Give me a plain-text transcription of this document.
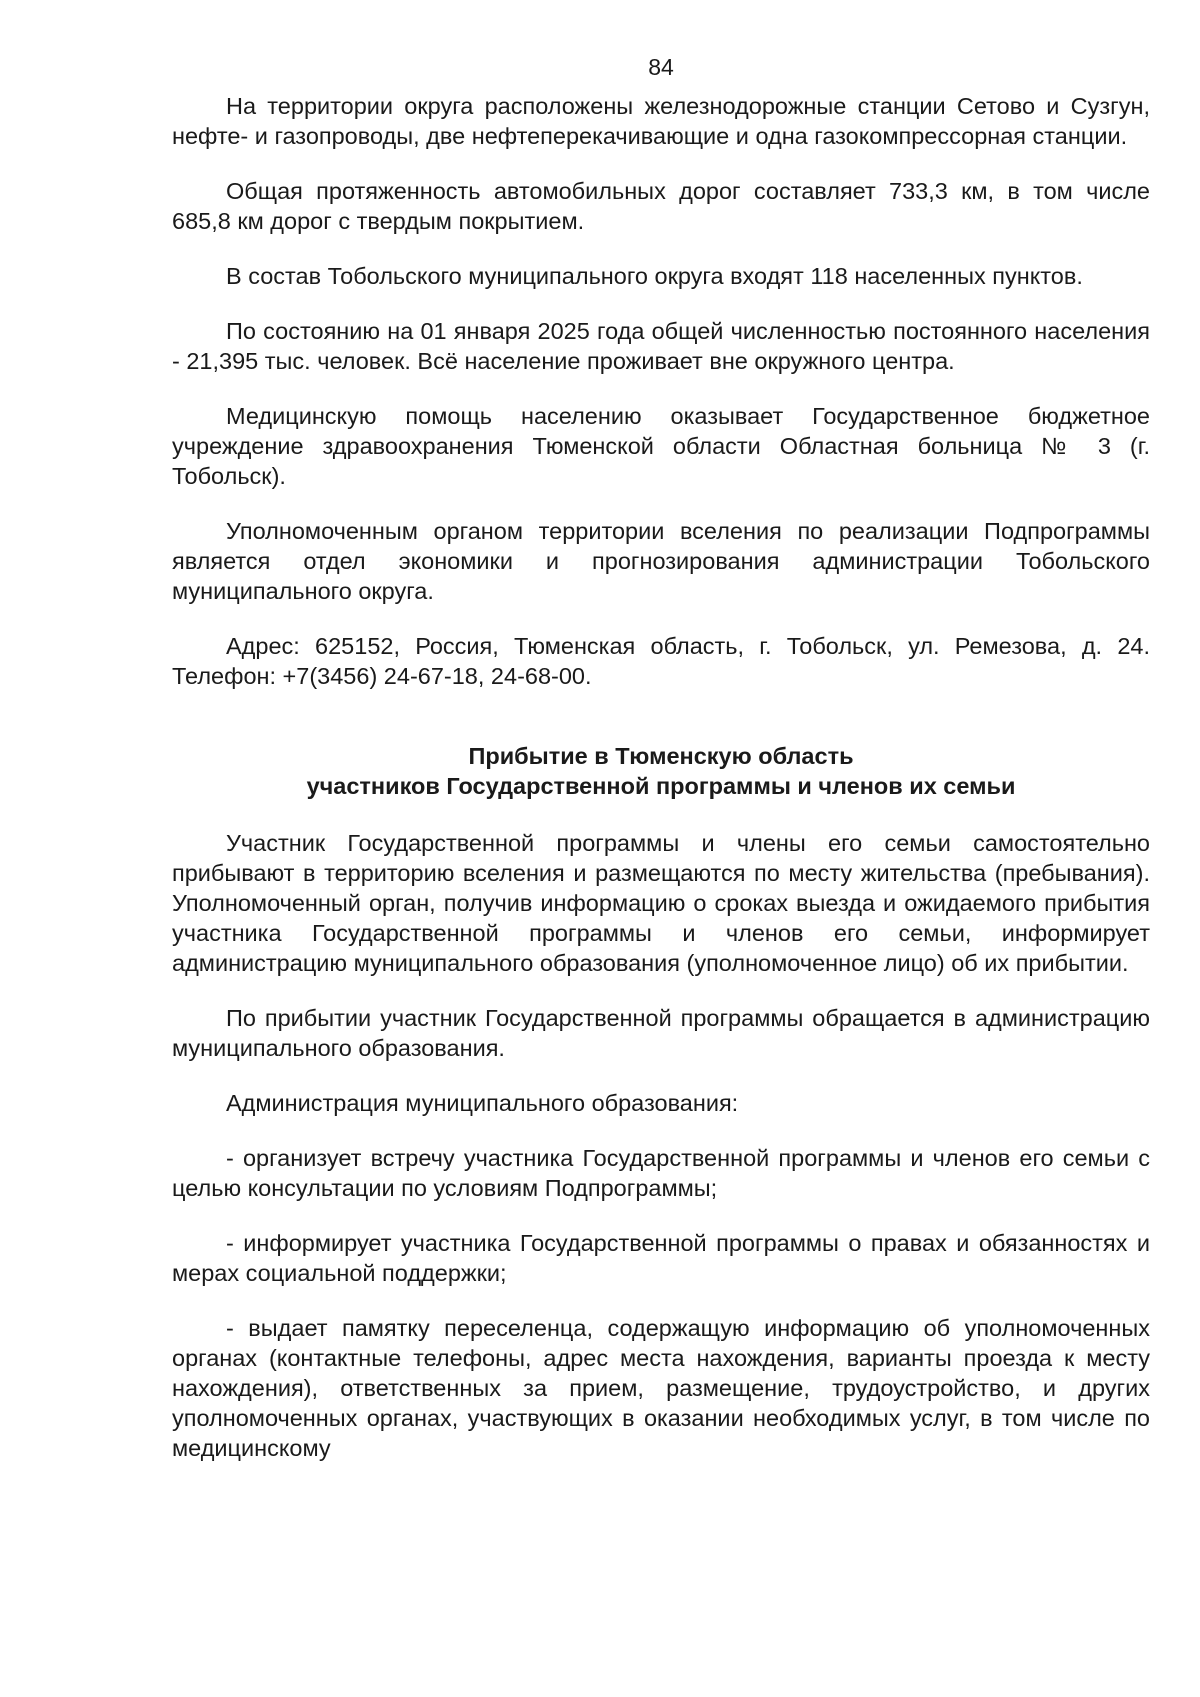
84

На территории округа расположены железнодорожные станции Сетово и Сузгун, нефте- и газопроводы, две нефтеперекачивающие и одна газокомпрессорная станции.

Общая протяженность автомобильных дорог составляет 733,3 км, в том числе 685,8 км дорог с твердым покрытием.

В состав Тобольского муниципального округа входят 118 населенных пунктов.

По состоянию на 01 января 2025 года общей численностью постоянного населения - 21,395 тыс. человек. Всё население проживает вне окружного центра.

Медицинскую помощь населению оказывает Государственное бюджетное учреждение здравоохранения Тюменской области Областная больница № 3 (г. Тобольск).

Уполномоченным органом территории вселения по реализации Подпрограммы является отдел экономики и прогнозирования администрации Тобольского муниципального округа.

Адрес: 625152, Россия, Тюменская область, г. Тобольск, ул. Ремезова, д. 24. Телефон: +7(3456) 24-67-18, 24-68-00.

Прибытие в Тюменскую область
участников Государственной программы и членов их семьи

Участник Государственной программы и члены его семьи самостоятельно прибывают в территорию вселения и размещаются по месту жительства (пребывания). Уполномоченный орган, получив информацию о сроках выезда и ожидаемого прибытия участника Государственной программы и членов его семьи, информирует администрацию муниципального образования (уполномоченное лицо) об их прибытии.

По прибытии участник Государственной программы обращается в администрацию муниципального образования.

Администрация муниципального образования:

- организует встречу участника Государственной программы и членов его семьи с целью консультации по условиям Подпрограммы;

- информирует участника Государственной программы о правах и обязанностях и мерах социальной поддержки;

- выдает памятку переселенца, содержащую информацию об уполномоченных органах (контактные телефоны, адрес места нахождения, варианты проезда к месту нахождения), ответственных за прием, размещение, трудоустройство, и других уполномоченных органах, участвующих в оказании необходимых услуг, в том числе по медицинскому
